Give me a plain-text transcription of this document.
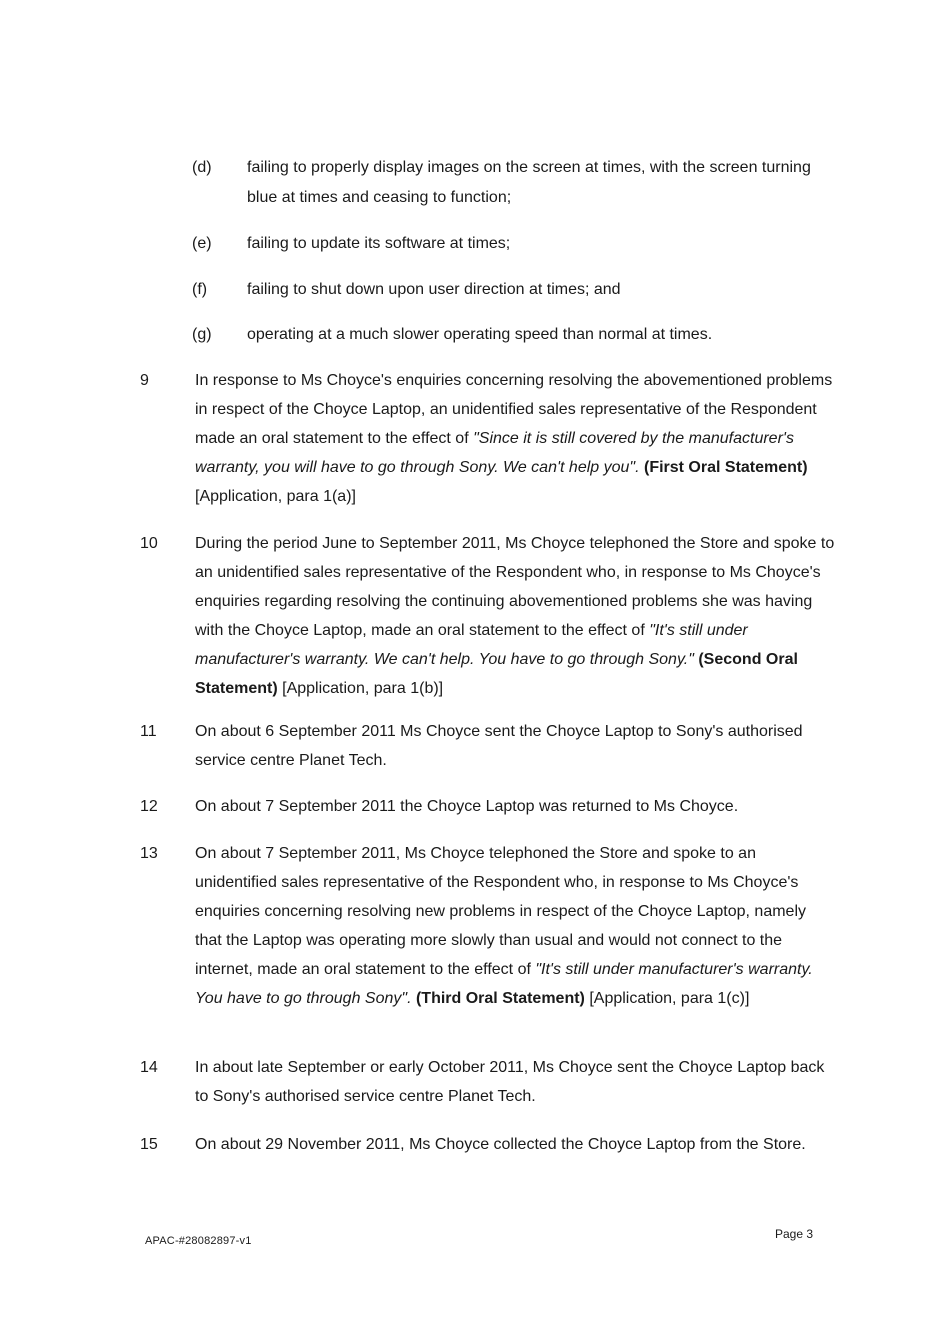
(d) failing to properly display images on the screen at times, with the screen turning blue at times and ceasing to function;
(e) failing to update its software at times;
(f) failing to shut down upon user direction at times; and
(g) operating at a much slower operating speed than normal at times.
9	In response to Ms Choyce's enquiries concerning resolving the abovementioned problems in respect of the Choyce Laptop, an unidentified sales representative of the Respondent made an oral statement to the effect of "Since it is still covered by the manufacturer's warranty, you will have to go through Sony. We can't help you". (First Oral Statement) [Application, para 1(a)]
10 During the period June to September 2011, Ms Choyce telephoned the Store and spoke to an unidentified sales representative of the Respondent who, in response to Ms Choyce's enquiries regarding resolving the continuing abovementioned problems she was having with the Choyce Laptop, made an oral statement to the effect of "It's still under manufacturer's warranty. We can't help. You have to go through Sony." (Second Oral Statement) [Application, para 1(b)]
11 On about 6 September 2011 Ms Choyce sent the Choyce Laptop to Sony's authorised service centre Planet Tech.
12 On about 7 September 2011 the Choyce Laptop was returned to Ms Choyce.
13 On about 7 September 2011, Ms Choyce telephoned the Store and spoke to an unidentified sales representative of the Respondent who, in response to Ms Choyce's enquiries concerning resolving new problems in respect of the Choyce Laptop, namely that the Laptop was operating more slowly than usual and would not connect to the internet, made an oral statement to the effect of "It's still under manufacturer's warranty. You have to go through Sony". (Third Oral Statement) [Application, para 1(c)]
14 In about late September or early October 2011, Ms Choyce sent the Choyce Laptop back to Sony's authorised service centre Planet Tech.
15 On about 29 November 2011, Ms Choyce collected the Choyce Laptop from the Store.
APAC-#28082897-v1	Page 3
